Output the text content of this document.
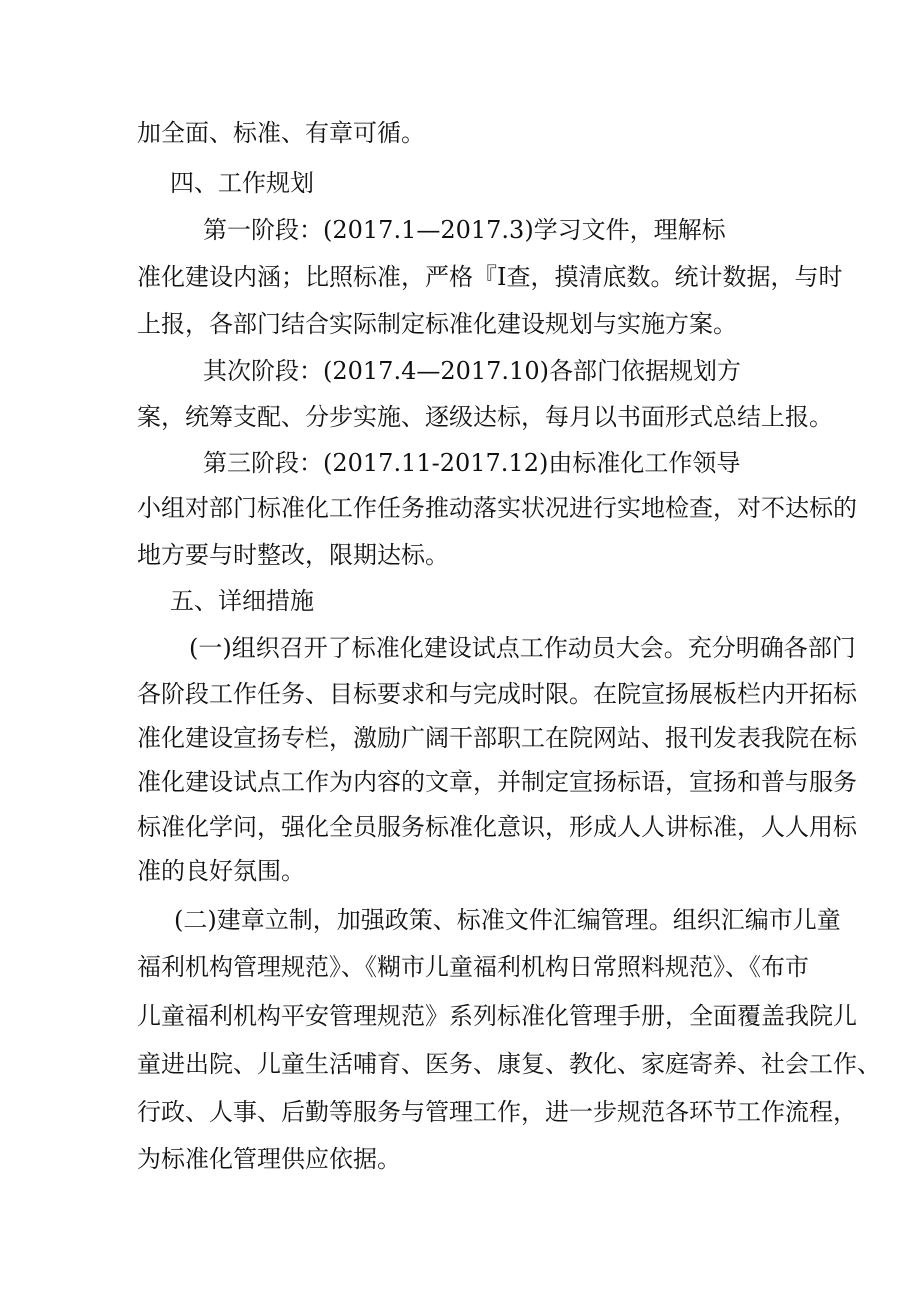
加全面、标准、有章可循。
四、工作规划
第一阶段：(2017.1—2017.3)学习文件，理解标
准化建设内涵；比照标准，严格『I查，摸清底数。统计数据，与时
上报，各部门结合实际制定标准化建设规划与实施方案。
其次阶段：(2017.4—2017.10)各部门依据规划方
案，统筹支配、分步实施、逐级达标，每月以书面形式总结上报。
第三阶段：(2017.11-2017.12)由标准化工作领导
小组对部门标准化工作任务推动落实状况进行实地检查，对不达标的
地方要与时整改，限期达标。
五、详细措施
(一)组织召开了标准化建设试点工作动员大会。充分明确各部门
各阶段工作任务、目标要求和与完成时限。在院宣扬展板栏内开拓标
准化建设宣扬专栏，激励广阔干部职工在院网站、报刊发表我院在标
准化建设试点工作为内容的文章，并制定宣扬标语，宣扬和普与服务
标准化学问，强化全员服务标准化意识，形成人人讲标准，人人用标
准的良好氛围。
(二)建章立制，加强政策、标准文件汇编管理。组织汇编市儿童
福利机构管理规范》、《糊市儿童福利机构日常照料规范》、《布市
儿童福利机构平安管理规范》系列标准化管理手册，全面覆盖我院儿
童进出院、儿童生活哺育、医务、康复、教化、家庭寄养、社会工作、
行政、人事、后勤等服务与管理工作，进一步规范各环节工作流程，
为标准化管理供应依据。
